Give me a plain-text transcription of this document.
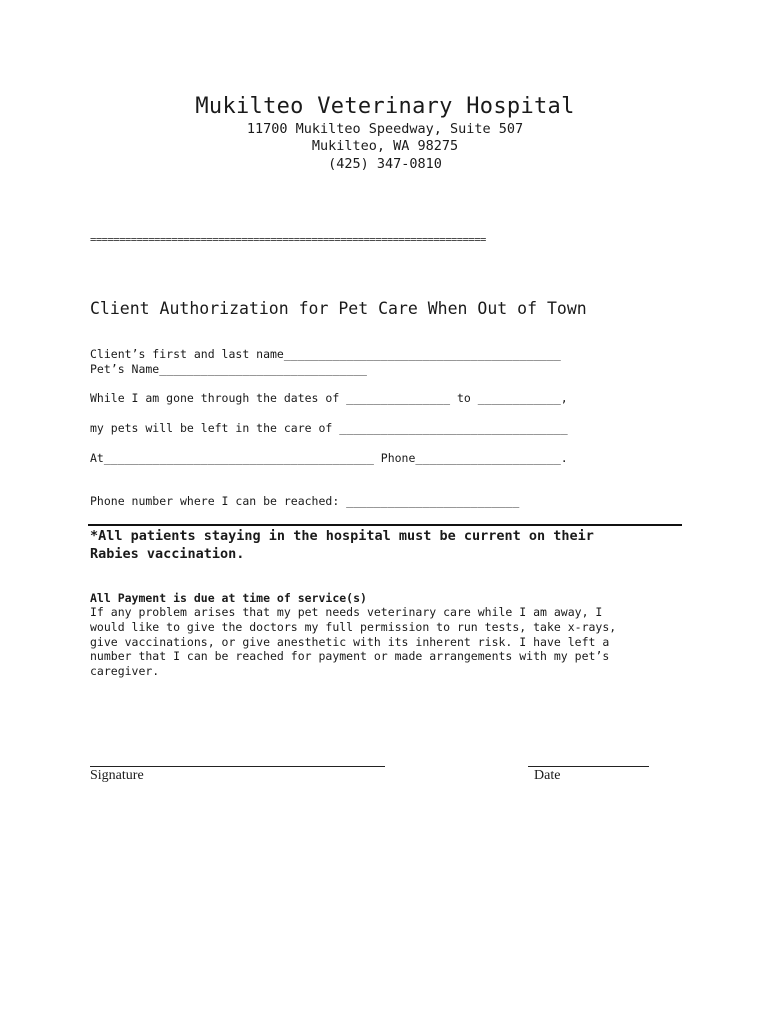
Mukilteo Veterinary Hospital
11700 Mukilteo Speedway, Suite 507
Mukilteo, WA 98275
(425) 347-0810
====================================================================
Client Authorization for Pet Care When Out of Town
Client’s first and last name________________________________________
Pet’s Name______________________________
While I am gone through the dates of _______________ to ____________,
my pets will be left in the care of _________________________________
At_______________________________________ Phone_____________________.
Phone number where I can be reached: _________________________
*All patients staying in the hospital must be current on their
Rabies vaccination.
All Payment is due at time of service(s)
If any problem arises that my pet needs veterinary care while I am away, I
would like to give the doctors my full permission to run tests, take x-rays,
give vaccinations, or give anesthetic with its inherent risk. I have left a
number that I can be reached for payment or made arrangements with my pet’s
caregiver.
Signature	Date
